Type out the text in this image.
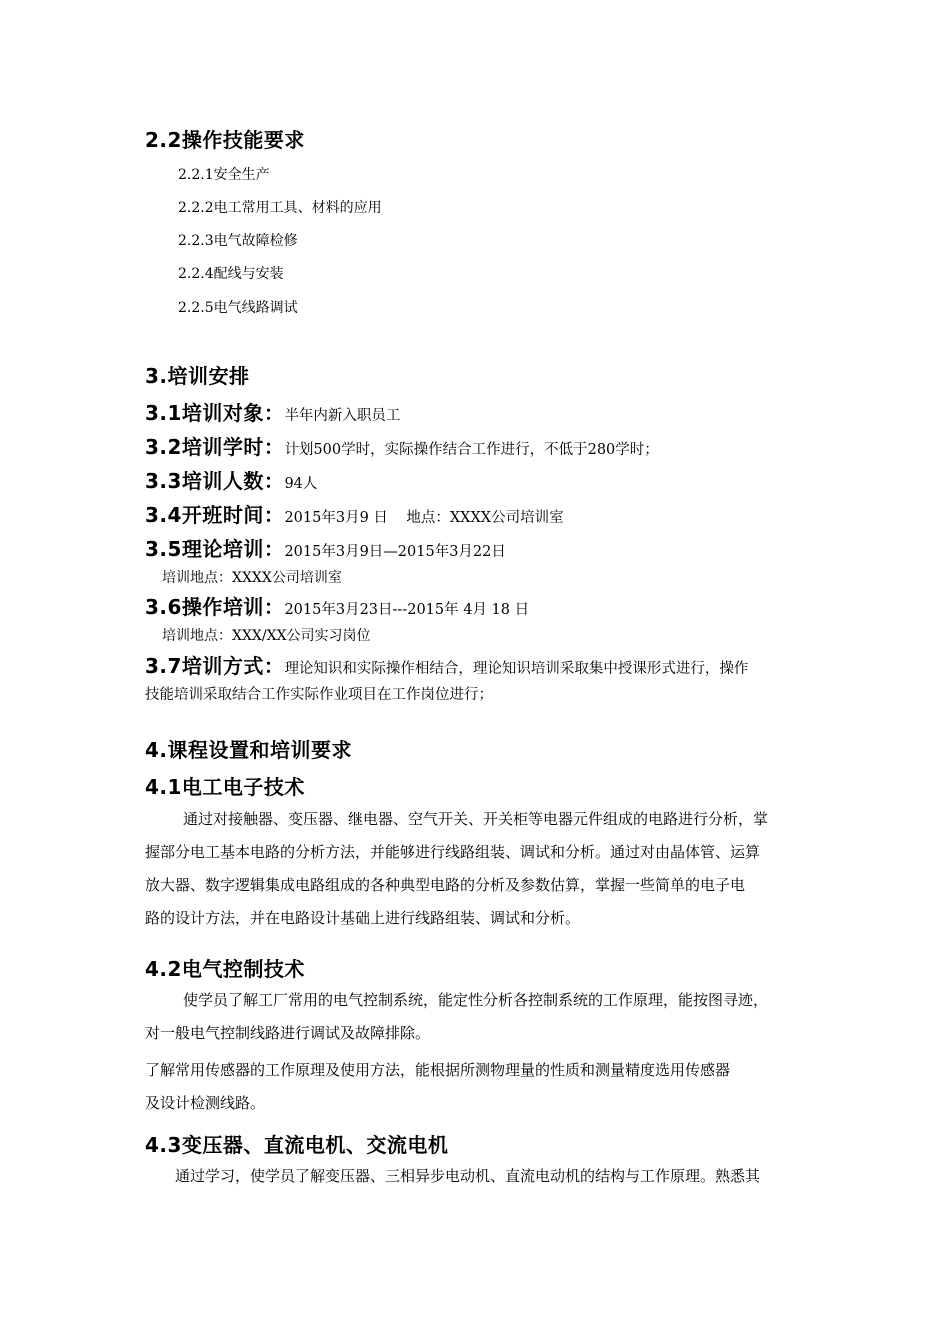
2.2操作技能要求
2.2.1安全生产
2.2.2电工常用工具、材料的应用
2.2.3电气故障检修
2.2.4配线与安装
2.2.5电气线路调试
3.培训安排
3.1培训对象：半年内新入职员工
3.2培训学时：计划500学时，实际操作结合工作进行，不低于280学时；
3.3培训人数：94人
3.4开班时间：2015年3月9 日    地点：XXXX公司培训室
3.5理论培训：2015年3月9日—2015年3月22日
培训地点：XXXX公司培训室
3.6操作培训：2015年3月23日---2015年 4月 18 日
培训地点：XXX/XX公司实习岗位
3.7培训方式：理论知识和实际操作相结合，理论知识培训采取集中授课形式进行，操作
技能培训采取结合工作实际作业项目在工作岗位进行；
4.课程设置和培训要求
4.1电工电子技术
通过对接触器、变压器、继电器、空气开关、开关柜等电器元件组成的电路进行分析，掌
握部分电工基本电路的分析方法，并能够进行线路组装、调试和分析。通过对由晶体管、运算
放大器、数字逻辑集成电路组成的各种典型电路的分析及参数估算，掌握一些简单的电子电
路的设计方法，并在电路设计基础上进行线路组装、调试和分析。
4.2电气控制技术
使学员了解工厂常用的电气控制系统，能定性分析各控制系统的工作原理，能按图寻迹，
对一般电气控制线路进行调试及故障排除。
了解常用传感器的工作原理及使用方法，能根据所测物理量的性质和测量精度选用传感器
及设计检测线路。
4.3变压器、直流电机、交流电机
通过学习，使学员了解变压器、三相异步电动机、直流电动机的结构与工作原理。熟悉其
